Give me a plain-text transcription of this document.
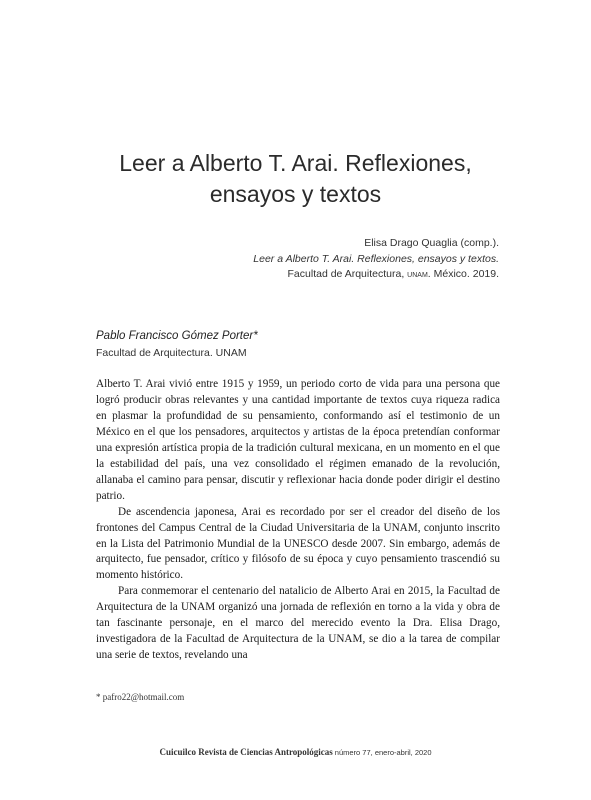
Leer a Alberto T. Arai. Reflexiones,
ensayos y textos
Elisa Drago Quaglia (comp.).
Leer a Alberto T. Arai. Reflexiones, ensayos y textos.
Facultad de Arquitectura, unam. México. 2019.
Pablo Francisco Gómez Porter*
Facultad de Arquitectura. UNAM

Alberto T. Arai vivió entre 1915 y 1959, un periodo corto de vida para una persona que logró producir obras relevantes y una cantidad importante de textos cuya riqueza radica en plasmar la profundidad de su pensamiento, conformando así el testimonio de un México en el que los pensadores, arquitectos y artistas de la época pretendían conformar una expresión artística propia de la tradición cultural mexicana, en un momento en el que la estabilidad del país, una vez consolidado el régimen emanado de la revolución, allanaba el camino para pensar, discutir y reflexionar hacia donde poder dirigir el destino patrio.

De ascendencia japonesa, Arai es recordado por ser el creador del diseño de los frontones del Campus Central de la Ciudad Universitaria de la UNAM, conjunto inscrito en la Lista del Patrimonio Mundial de la UNESCO desde 2007. Sin embargo, además de arquitecto, fue pensador, crítico y filósofo de su época y cuyo pensamiento trascendió su momento histórico.

Para conmemorar el centenario del natalicio de Alberto Arai en 2015, la Facultad de Arquitectura de la UNAM organizó una jornada de reflexión en torno a la vida y obra de tan fascinante personaje, en el marco del merecido evento la Dra. Elisa Drago, investigadora de la Facultad de Arquitectura de la UNAM, se dio a la tarea de compilar una serie de textos, revelando una

* pafro22@hotmail.com
Cuicuilco Revista de Ciencias Antropológicas número 77, enero-abril, 2020
